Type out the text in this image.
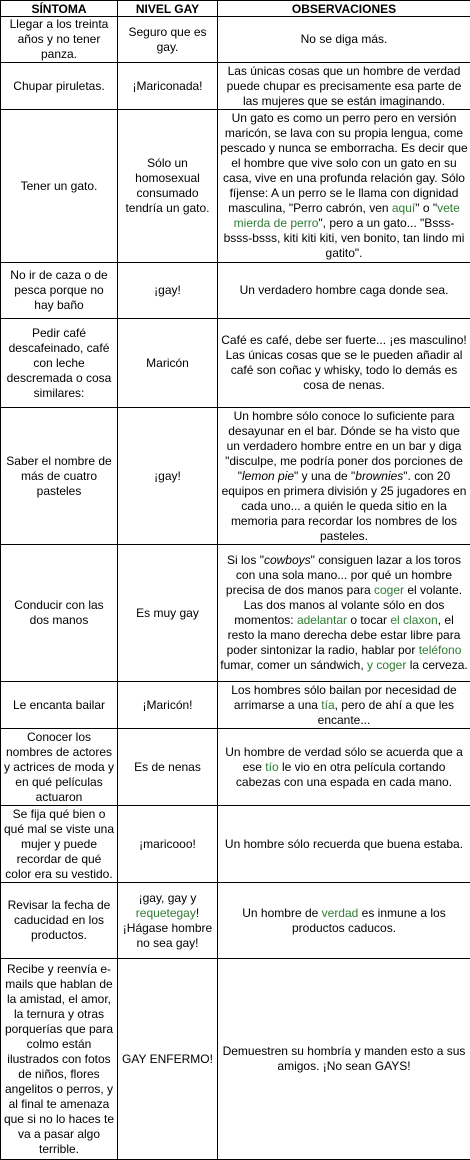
SÍNTOMA	NIVEL GAY	OBSERVACIONES
Llegar a los treinta años y no tener panza.	Seguro que es gay.	No se diga más.
Chupar piruletas.	¡Mariconada!	Las únicas cosas que un hombre de verdad puede chupar es precisamente esa parte de las mujeres que se están imaginando.
Tener un gato.	Sólo un homosexual consumado tendría un gato.	Un gato es como un perro pero en versión maricón, se lava con su propia lengua, come pescado y nunca se emborracha. Es decir que el hombre que vive solo con un gato en su casa, vive en una profunda relación gay. Sólo fíjense: A un perro se le llama con dignidad masculina, "Perro cabrón, ven aquí" o "vete mierda de perro", pero a un gato... "Bsss-bsss-bsss, kiti kiti kiti, ven bonito, tan lindo mi gatito".
No ir de caza o de pesca porque no hay baño	¡gay!	Un verdadero hombre caga donde sea.
Pedir café descafeinado, café con leche descremada o cosa similares:	Maricón	Café es café, debe ser fuerte... ¡es masculino! Las únicas cosas que se le pueden añadir al café son coñac y whisky, todo lo demás es cosa de nenas.
Saber el nombre de más de cuatro pasteles	¡gay!	Un hombre sólo conoce lo suficiente para desayunar en el bar. Dónde se ha visto que un verdadero hombre entre en un bar y diga "disculpe, me podría poner dos porciones de "lemon pie" y una de "brownies". con 20 equipos en primera división y 25 jugadores en cada uno... a quién le queda sitio en la memoria para recordar los nombres de los pasteles.
Conducir con las dos manos	Es muy gay	Si los "cowboys" consiguen lazar a los toros con una sola mano... por qué un hombre precisa de dos manos para coger el volante. Las dos manos al volante sólo en dos momentos: adelantar o tocar el claxon, el resto la mano derecha debe estar libre para poder sintonizar la radio, hablar por teléfono fumar, comer un sándwich, y coger la cerveza.
Le encanta bailar	¡Maricón!	Los hombres sólo bailan por necesidad de arrimarse a una tía, pero de ahí a que les encante...
Conocer los nombres de actores y actrices de moda y en qué películas actuaron	Es de nenas	Un hombre de verdad sólo se acuerda que a ese tío le vio en otra película cortando cabezas con una espada en cada mano.
Se fija qué bien o qué mal se viste una mujer y puede recordar de qué color era su vestido.	¡maricooo!	Un hombre sólo recuerda que buena estaba.
Revisar la fecha de caducidad en los productos.	¡gay, gay y requetegay! ¡Hágase hombre no sea gay!	Un hombre de verdad es inmune a los productos caducos.
Recibe y reenvía e-mails que hablan de la amistad, el amor, la ternura y otras porquerías que para colmo están ilustrados con fotos de niños, flores angelitos o perros, y al final te amenaza que si no lo haces te va a pasar algo terrible.	GAY ENFERMO!	Demuestren su hombría y manden esto a sus amigos. ¡No sean GAYS!
